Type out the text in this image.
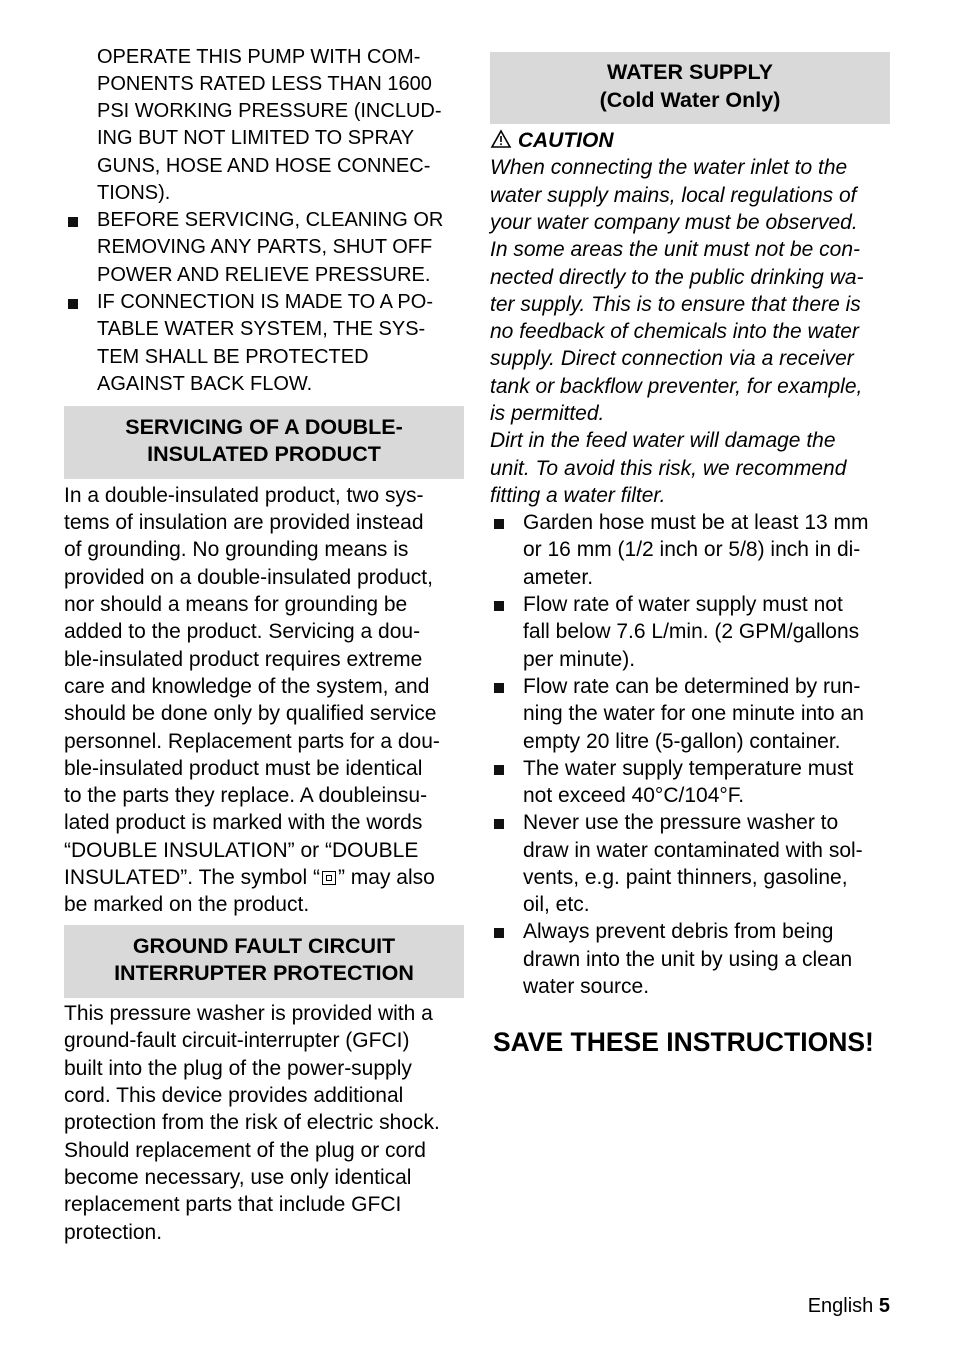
OPERATE THIS PUMP WITH COM-
PONENTS RATED LESS THAN 1600
PSI WORKING PRESSURE (INCLUD-
ING BUT NOT LIMITED TO SPRAY
GUNS, HOSE AND HOSE CONNEC-
TIONS).
BEFORE SERVICING, CLEANING OR
REMOVING ANY PARTS, SHUT OFF
POWER AND RELIEVE PRESSURE.
IF CONNECTION IS MADE TO A PO-
TABLE WATER SYSTEM, THE SYS-
TEM SHALL BE PROTECTED
AGAINST BACK FLOW.
SERVICING OF A DOUBLE-
INSULATED PRODUCT
In a double-insulated product, two sys-
tems of insulation are provided instead
of grounding. No grounding means is
provided on a double-insulated product,
nor should a means for grounding be
added to the product. Servicing a dou-
ble-insulated product requires extreme
care and knowledge of the system, and
should be done only by qualified service
personnel. Replacement parts for a dou-
ble-insulated product must be identical
to the parts they replace. A doubleinsu-
lated product is marked with the words
“DOUBLE INSULATION” or “DOUBLE
INSULATED”. The symbol “ ” may also
be marked on the product.
GROUND FAULT CIRCUIT
INTERRUPTER PROTECTION
This pressure washer is provided with a
ground-fault circuit-interrupter (GFCI)
built into the plug of the power-supply
cord. This device provides additional
protection from the risk of electric shock.
Should replacement of the plug or cord
become necessary, use only identical
replacement parts that include GFCI
protection.
WATER SUPPLY
(Cold Water Only)
CAUTION
When connecting the water inlet to the
water supply mains, local regulations of
your water company must be observed.
In some areas the unit must not be con-
nected directly to the public drinking wa-
ter supply. This is to ensure that there is
no feedback of chemicals into the water
supply. Direct connection via a receiver
tank or backflow preventer, for example,
is permitted.
Dirt in the feed water will damage the
unit. To avoid this risk, we recommend
fitting a water filter.
Garden hose must be at least 13 mm
or 16 mm (1/2 inch or 5/8) inch in di-
ameter.
Flow rate of water supply must not
fall below 7.6 L/min. (2 GPM/gallons
per minute).
Flow rate can be determined by run-
ning the water for one minute into an
empty 20 litre (5-gallon) container.
The water supply temperature must
not exceed 40°C/104°F.
Never use the pressure washer to
draw in water contaminated with sol-
vents, e.g. paint thinners, gasoline,
oil, etc.
Always prevent debris from being
drawn into the unit by using a clean
water source.
SAVE THESE INSTRUCTIONS!
English 5
